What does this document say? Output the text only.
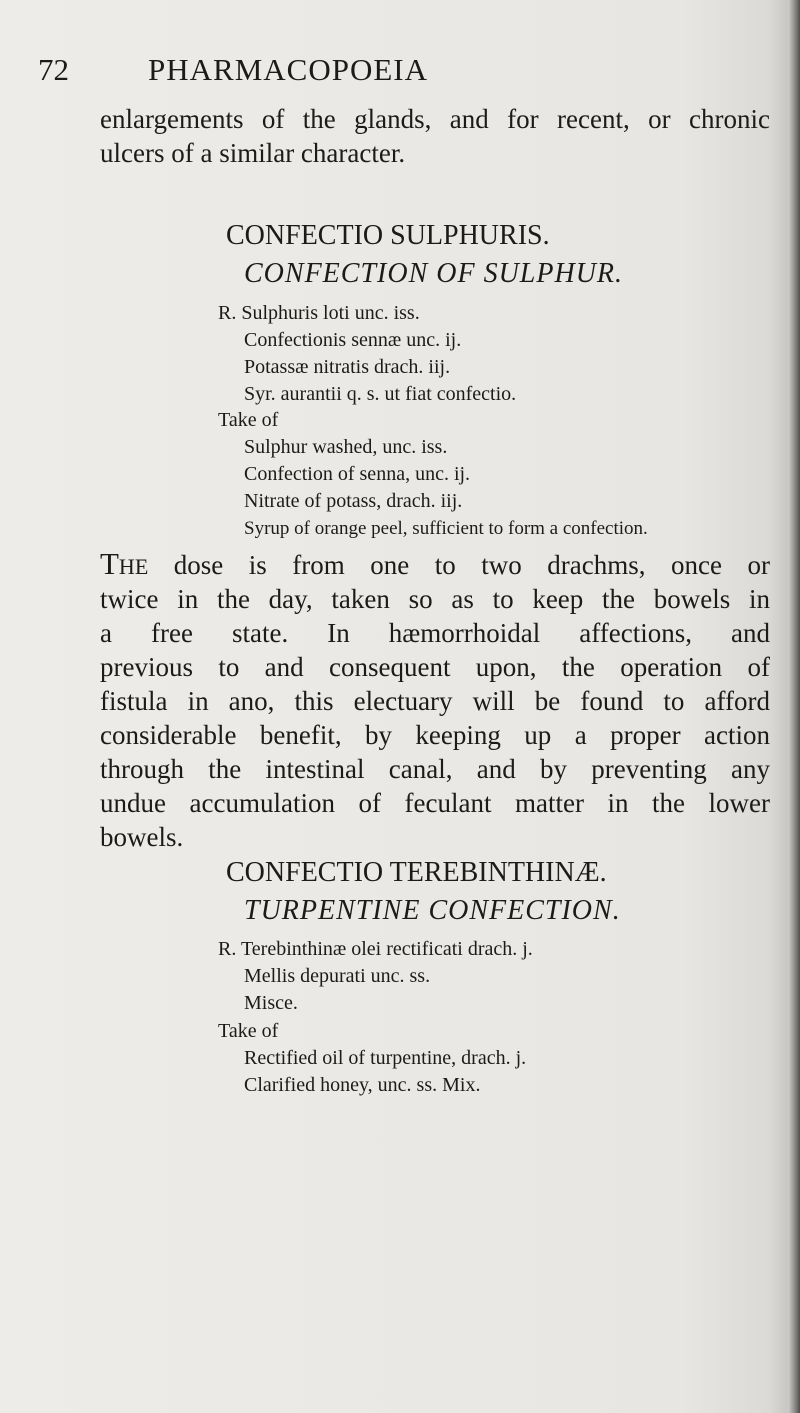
72	PHARMACOPOEIA
enlargements of the glands, and for recent, or chronic
ulcers of a similar character.
CONFECTIO SULPHURIS.
CONFECTION OF SULPHUR.
R. Sulphuris loti unc. iss.
Confectionis sennæ unc. ij.
Potassæ nitratis drach. iij.
Syr. aurantii q. s. ut fiat confectio.
Take of
Sulphur washed, unc. iss.
Confection of senna, unc. ij.
Nitrate of potass, drach. iij.
Syrup of orange peel, sufficient to form a confection.
The dose is from one to two drachms, once or
twice in the day, taken so as to keep the bowels in
a free state. In hæmorrhoidal affections, and
previous to and consequent upon, the operation of
fistula in ano, this electuary will be found to afford
considerable benefit, by keeping up a proper action
through the intestinal canal, and by preventing any
undue accumulation of feculant matter in the lower
bowels.
CONFECTIO TEREBINTHINÆ.
TURPENTINE CONFECTION.
R. Terebinthinæ olei rectificati drach. j.
Mellis depurati unc. ss.
Misce.
Take of
Rectified oil of turpentine, drach. j.
Clarified honey, unc. ss. Mix.
